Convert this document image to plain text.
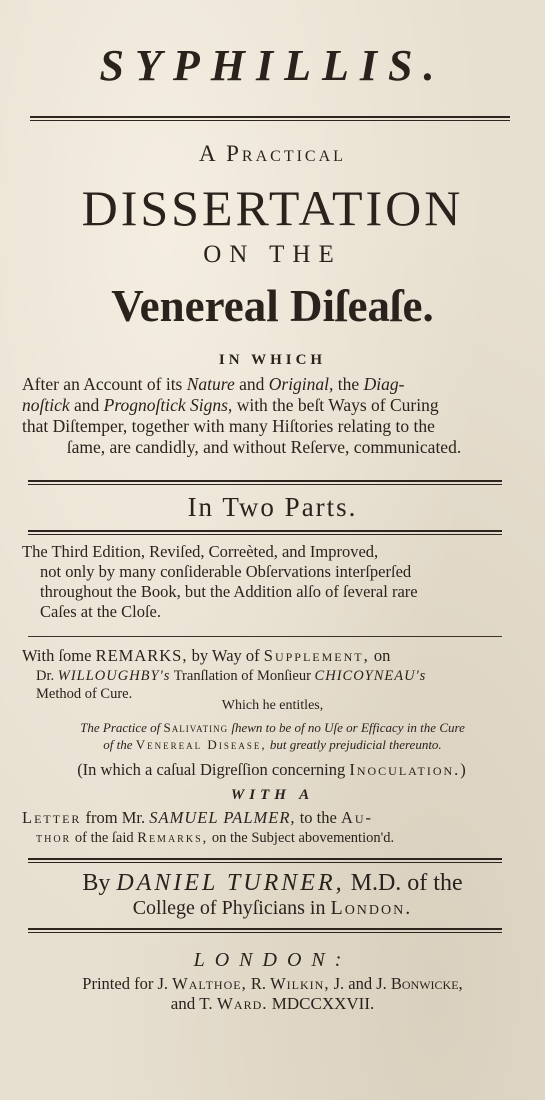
SYPHILLIS.
A Practical
DISSERTATION
ON THE
Venereal Diſeaſe.
IN WHICH
After an Account of its Nature and Original, the Diag-
noſtick and Prognoſtick Signs, with the beſt Ways of Curing
that Diſtemper, together with many Hiſtories relating to the
ſame, are candidly, and without Reſerve, communicated.
In Two Parts.
The Third Edition, Reviſed, Correѐted, and Improved,
not only by many conſiderable Obſervations interſperſed
throughout the Book, but the Addition alſo of ſeveral rare
Caſes at the Cloſe.
With ſome REMARKS, by Way of Supplement, on
Dr. WILLOUGHBY's Tranſlation of Monſieur CHICOYNEAU's
Method of Cure.
Which he entitles,
The Practice of Salivating ſhewn to be of no Uſe or Efficacy in the Cure
of the Venereal Disease, but greatly prejudicial thereunto.
(In which a caſual Digreſſion concerning Inoculation.)
WITH A
Letter from Mr. SAMUEL PALMER, to the Au-
thor of the ſaid Remarks, on the Subject abovemention'd.
By DANIEL TURNER, M.D. of the
College of Phyſicians in London.
LONDON:
Printed for J. Walthoe, R. Wilkin, J. and J. Bonwicke,
and T. Ward. MDCCXXVII.
